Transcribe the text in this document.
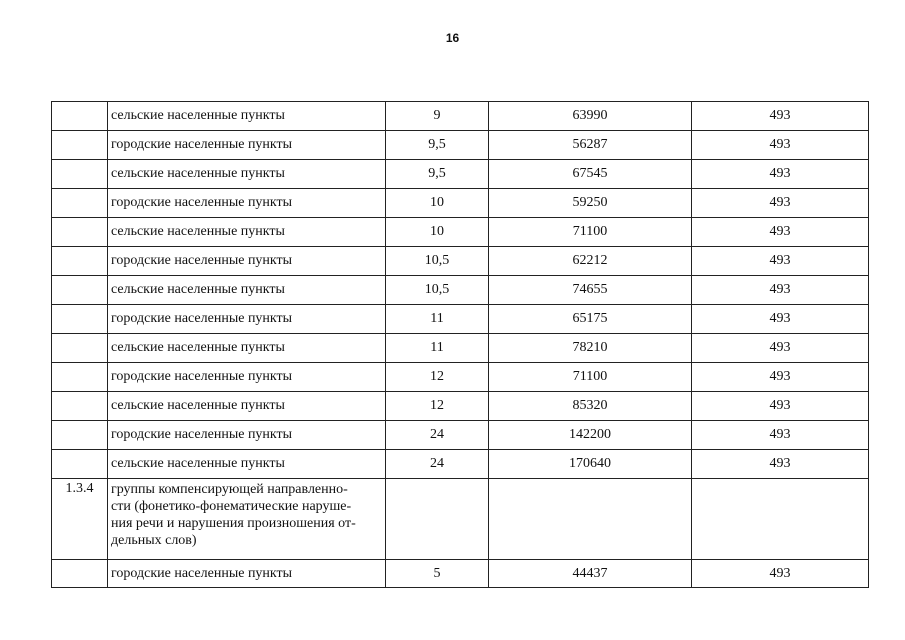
16
	сельские населенные пункты	9	63990	493
	городские населенные пункты	9,5	56287	493
	сельские населенные пункты	9,5	67545	493
	городские населенные пункты	10	59250	493
	сельские населенные пункты	10	71100	493
	городские населенные пункты	10,5	62212	493
	сельские населенные пункты	10,5	74655	493
	городские населенные пункты	11	65175	493
	сельские населенные пункты	11	78210	493
	городские населенные пункты	12	71100	493
	сельские населенные пункты	12	85320	493
	городские населенные пункты	24	142200	493
	сельские населенные пункты	24	170640	493
1.3.4	группы компенсирующей направленно-
сти (фонетико-фонематические наруше-
ния речи и нарушения произношения от-
дельных слов)			
	городские населенные пункты	5	44437	493
